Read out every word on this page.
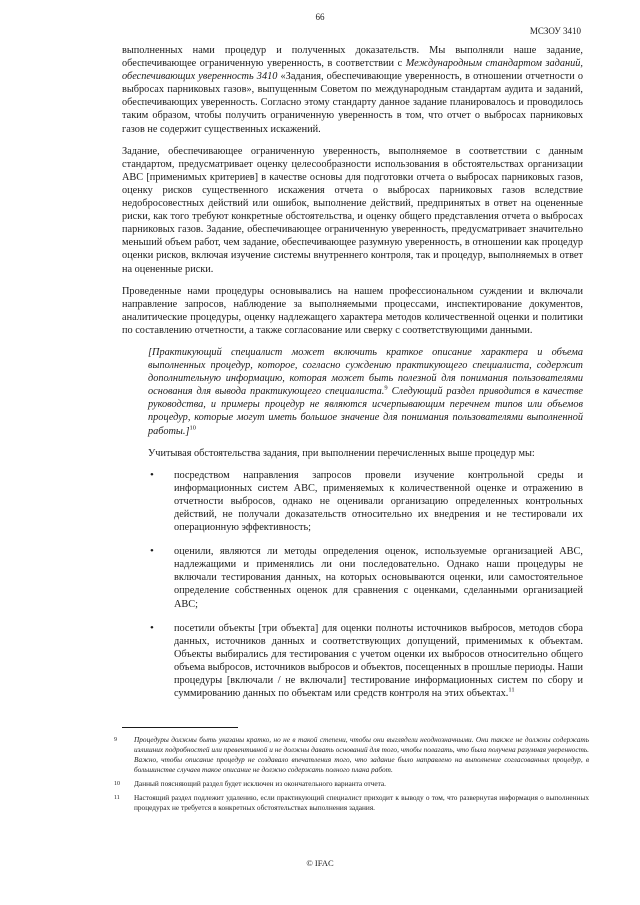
66
МСЗОУ 3410

выполненных нами процедур и полученных доказательств. Мы выполняли наше задание, обеспечивающее ограниченную уверенность, в соответствии с Международным стандартом заданий, обеспечивающих уверенность 3410 «Задания, обеспечивающие уверенность, в отношении отчетности о выбросах парниковых газов», выпущенным Советом по международным стандартам аудита и заданий, обеспечивающих уверенность. Согласно этому стандарту данное задание планировалось и проводилось таким образом, чтобы получить ограниченную уверенность в том, что отчет о выбросах парниковых газов не содержит существенных искажений.

Задание, обеспечивающее ограниченную уверенность, выполняемое в соответствии с данным стандартом, предусматривает оценку целесообразности использования в обстоятельствах организации АВС [применимых критериев] в качестве основы для подготовки отчета о выбросах парниковых газов, оценку рисков существенного искажения отчета о выбросах парниковых газов вследствие недобросовестных действий или ошибок, выполнение действий, предпринятых в ответ на оцененные риски, как того требуют конкретные обстоятельства, и оценку общего представления отчета о выбросах парниковых газов. Задание, обеспечивающее ограниченную уверенность, предусматривает значительно меньший объем работ, чем задание, обеспечивающее разумную уверенность, в отношении как процедур оценки рисков, включая изучение системы внутреннего контроля, так и процедур, выполняемых в ответ на оцененные риски.

Проведенные нами процедуры основывались на нашем профессиональном суждении и включали направление запросов, наблюдение за выполняемыми процессами, инспектирование документов, аналитические процедуры, оценку надлежащего характера методов количественной оценки и политики по составлению отчетности, а также согласование или сверку с соответствующими данными.

[Практикующий специалист может включить краткое описание характера и объема выполненных процедур, которое, согласно суждению практикующего специалиста, содержит дополнительную информацию, которая может быть полезной для понимания пользователями основания для вывода практикующего специалиста.$^9$ Следующий раздел приводится в качестве руководства, и примеры процедур не являются исчерпывающим перечнем типов или объемов процедур, которые могут иметь большое значение для понимания пользователями выполненной работы.]$^{10}$

Учитывая обстоятельства задания, при выполнении перечисленных выше процедур мы:

• посредством направления запросов провели изучение контрольной среды и информационных систем АВС, применяемых к количественной оценке и отражению в отчетности выбросов, однако не оценивали организацию определенных контрольных действий, не получали доказательств относительно их внедрения и не тестировали их операционную эффективность;
• оценили, являются ли методы определения оценок, используемые организацией АВС, надлежащими и применялись ли они последовательно. Однако наши процедуры не включали тестирования данных, на которых основываются оценки, или самостоятельное определение собственных оценок для сравнения с оценками, сделанными организацией АВС;
• посетили объекты [три объекта] для оценки полноты источников выбросов, методов сбора данных, источников данных и соответствующих допущений, применимых к объектам. Объекты выбирались для тестирования с учетом оценки их выбросов относительно общего объема выбросов, источников выбросов и объектов, посещенных в прошлые периоды. Наши процедуры [включали / не включали] тестирование информационных систем по сбору и суммированию данных по объектам или средств контроля на этих объектах.$^{11}$
9 Процедуры должны быть указаны кратко, но не в такой степени, чтобы они выглядели неоднозначными. Они также не должны содержать излишних подробностей или превентивной и не должны давать оснований для того, чтобы полагать, что была получена разумная уверенность. Важно, чтобы описание процедур не создавало впечатления того, что задание было направлено на выполнение согласованных процедур, в большинстве случаев такое описание не должно содержать полного плана работ.
10 Данный поясняющий раздел будет исключен из окончательного варианта отчета.
11 Настоящий раздел подлежит удалению, если практикующий специалист приходит к выводу о том, что развернутая информация о выполненных процедурах не требуется в конкретных обстоятельствах выполнения задания.
© IFAC
